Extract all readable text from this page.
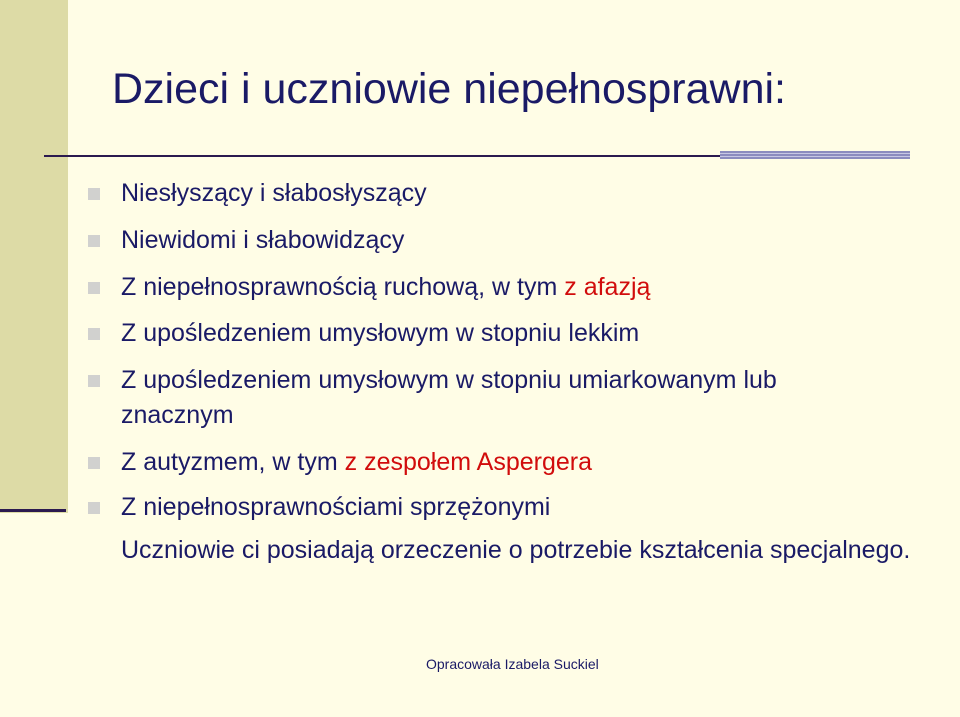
Dzieci i uczniowie niepełnosprawni:
Niesłyszący i słabosłyszący
Niewidomi i słabowidzący
Z niepełnosprawnością ruchową, w tym z afazją
Z upośledzeniem umysłowym w stopniu lekkim
Z upośledzeniem umysłowym w stopniu umiarkowanym lub znacznym
Z autyzmem, w tym z zespołem Aspergera
Z niepełnosprawnościami sprzężonymi
Uczniowie ci posiadają orzeczenie o potrzebie kształcenia specjalnego.
Opracowała Izabela Suckiel
